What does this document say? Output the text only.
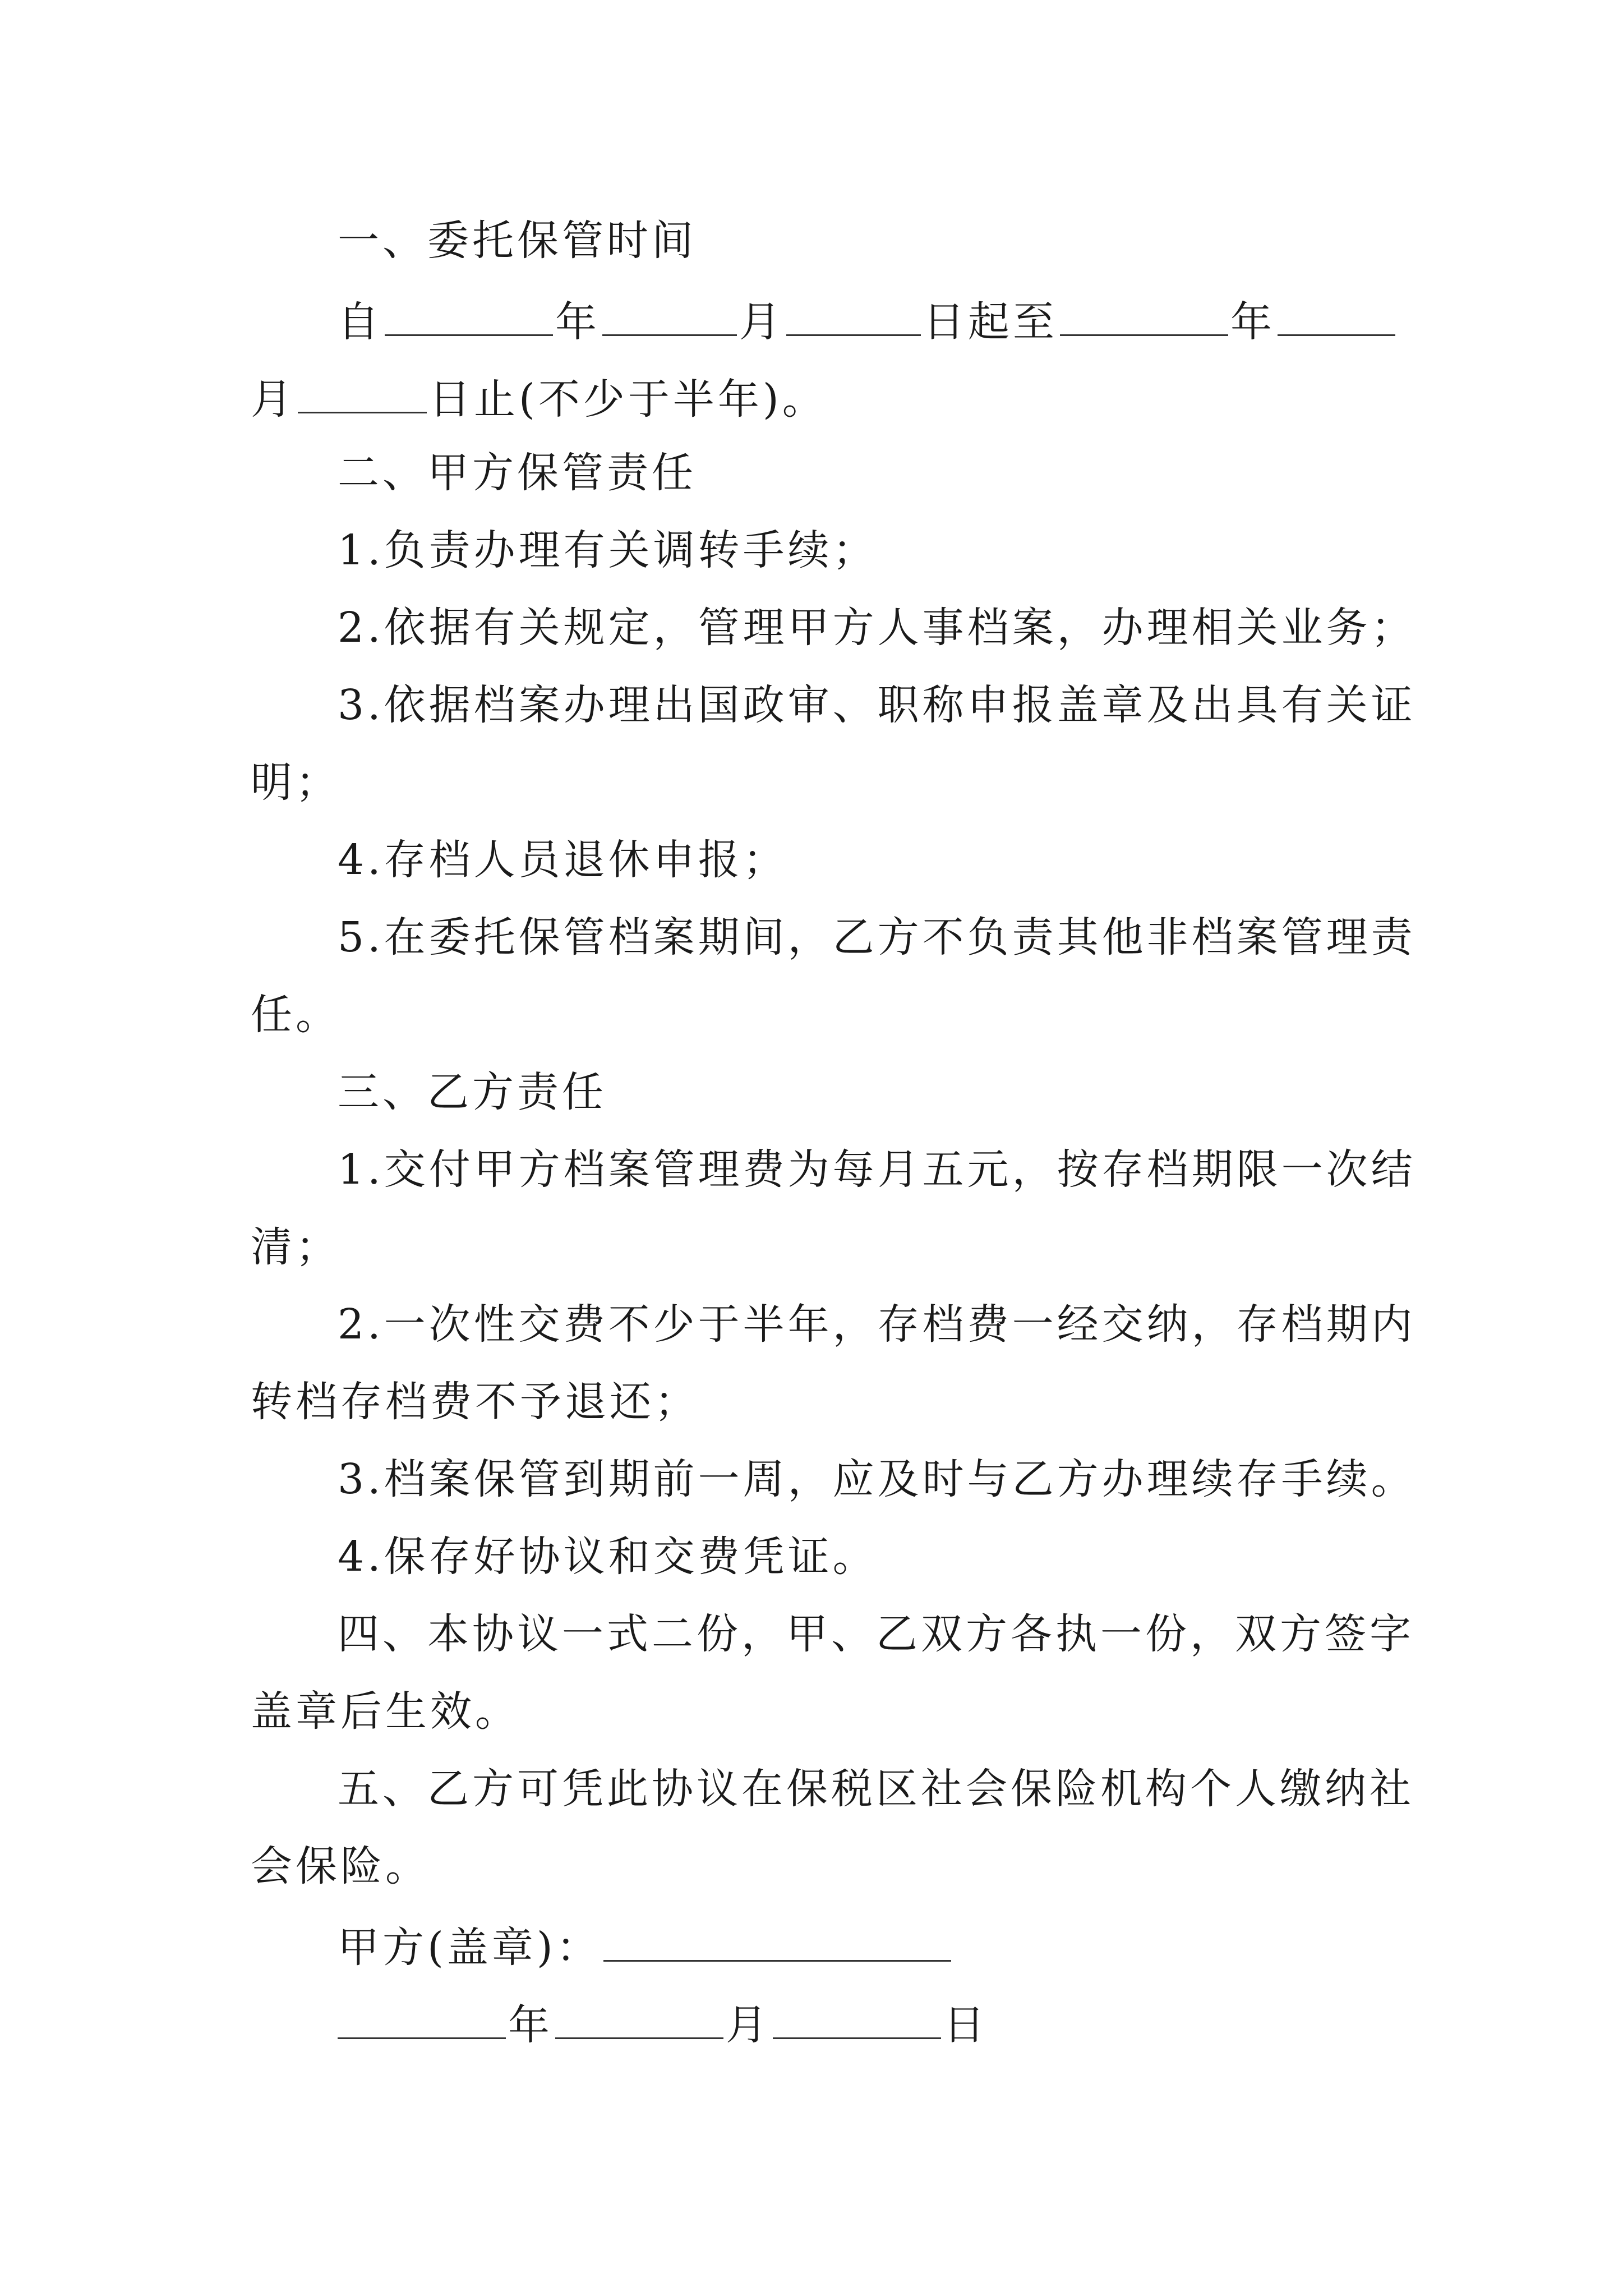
一、委托保管时间
自	年	月	日起至	年
月	日止(不少于半年)。
二、甲方保管责任
1.负责办理有关调转手续；
2.依据有关规定，管理甲方人事档案，办理相关业务；
3.依据档案办理出国政审、职称申报盖章及出具有关证
明；
4.存档人员退休申报；
5.在委托保管档案期间，乙方不负责其他非档案管理责
任。
三、乙方责任
1.交付甲方档案管理费为每月五元，按存档期限一次结
清；
2.一次性交费不少于半年，存档费一经交纳，存档期内
转档存档费不予退还；
3.档案保管到期前一周，应及时与乙方办理续存手续。
4.保存好协议和交费凭证。
四、本协议一式二份，甲、乙双方各执一份，双方签字
盖章后生效。
五、乙方可凭此协议在保税区社会保险机构个人缴纳社
会保险。
甲方(盖章)：
年	月	日
